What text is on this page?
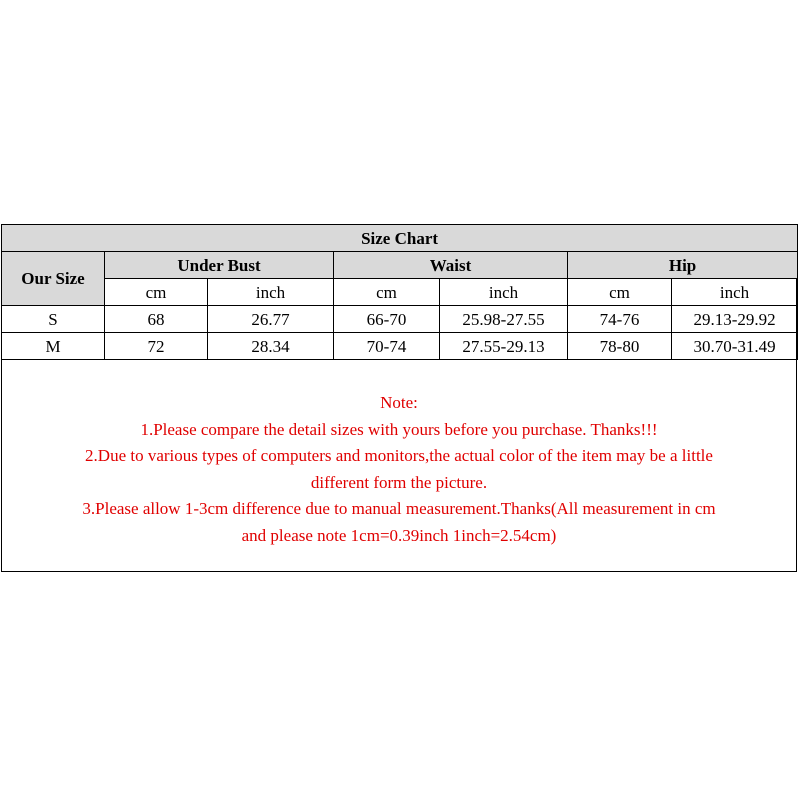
Size Chart						
Our Size	Under Bust		Waist		Hip	
	cm	inch	cm	inch	cm	inch
S	68	26.77	66-70	25.98-27.55	74-76	29.13-29.92
M	72	28.34	70-74	27.55-29.13	78-80	30.70-31.49

Note:

1.Please compare the detail sizes with yours before you purchase. Thanks!!!

2.Due to various types of computers and monitors,the actual color of the item may be a little

different form the picture.

3.Please allow 1-3cm difference due to manual measurement.Thanks(All measurement in cm

and please note 1cm=0.39inch 1inch=2.54cm)
